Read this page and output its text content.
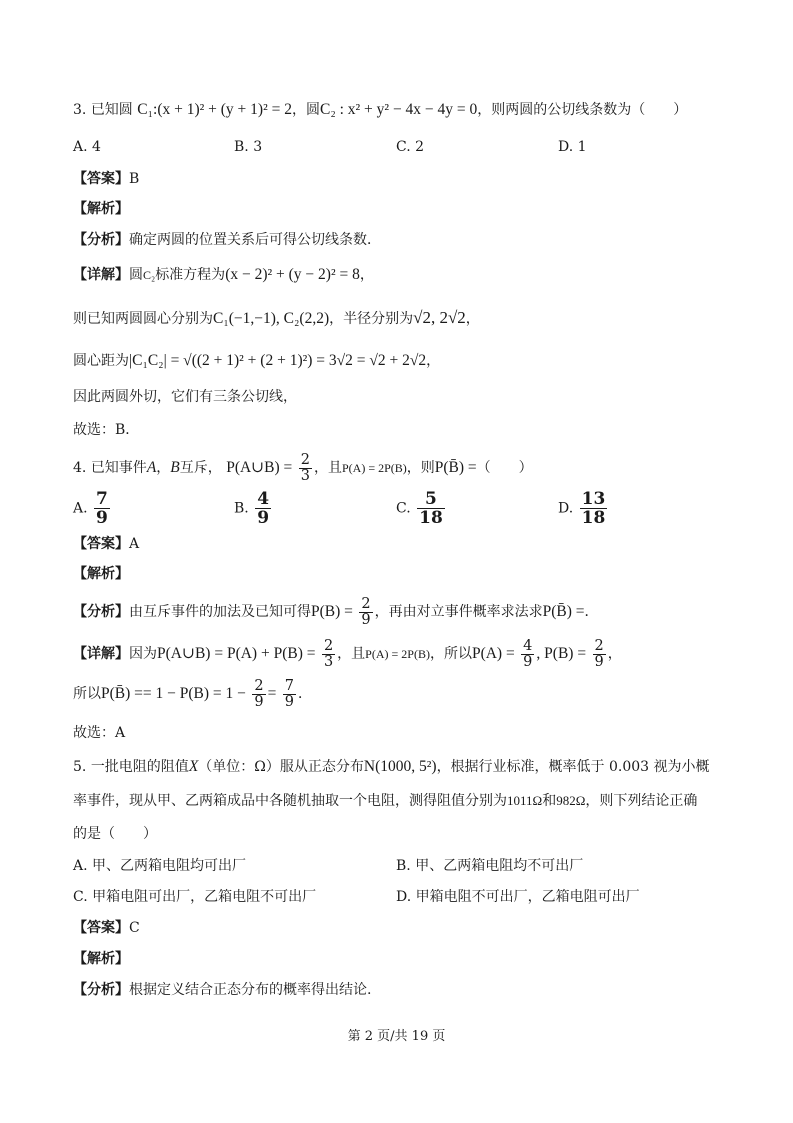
3. 已知圆 C₁:(x + 1)² + (y + 1)² = 2，圆C₂ : x² + y² − 4x − 4y = 0，则两圆的公切线条数为（　　）
A. 4	B. 3	C. 2	D. 1
【答案】B
【解析】
【分析】确定两圆的位置关系后可得公切线条数．
【详解】圆C₂标准方程为(x − 2)² + (y − 2)² = 8，
则已知两圆圆心分别为C₁(−1,−1), C₂(2,2)，半径分别为√2, 2√2，
圆心距为|C₁C₂| = √((2 + 1)² + (2 + 1)²) = 3√2 = √2 + 2√2，
因此两圆外切，它们有三条公切线，
故选：B．
4. 已知事件A，B互斥， P(A∪B) = $\frac{2}{3}$ ，且P(A) = 2P(B)，则P(B̄) =（　　）
A. $\frac{7}{9}$	B. $\frac{4}{9}$	C. $\frac{5}{18}$	D. $\frac{13}{18}$
【答案】A
【解析】
【分析】由互斥事件的加法及已知可得$P(B) = \frac{2}{9}$ ，再由对立事件概率求法求P(B̄) =．
【详解】因为P(A∪B) = $P(A) + P(B) = \frac{2}{3}$ ，且P(A) = 2P(B)，所以$P(A) = \frac{4}{9}$ , $P(B) = \frac{2}{9}$ ，
所以P(B̄) == $1 - P(B) = 1 - \frac{2}{9} = \frac{7}{9}$ ．
故选：A
5. 一批电阻的阻值X（单位：Ω）服从正态分布N(1000, 5²)，根据行业标准，概率低于 0.003 视为小概
率事件，现从甲、乙两箱成品中各随机抽取一个电阻，测得阻值分别为1011Ω和982Ω，则下列结论正确
的是（　　）
A. 甲、乙两箱电阻均可出厂	B. 甲、乙两箱电阻均不可出厂
C. 甲箱电阻可出厂，乙箱电阻不可出厂	D. 甲箱电阻不可出厂，乙箱电阻可出厂
【答案】C
【解析】
【分析】根据定义结合正态分布的概率得出结论.
第 2 页/共 19 页
